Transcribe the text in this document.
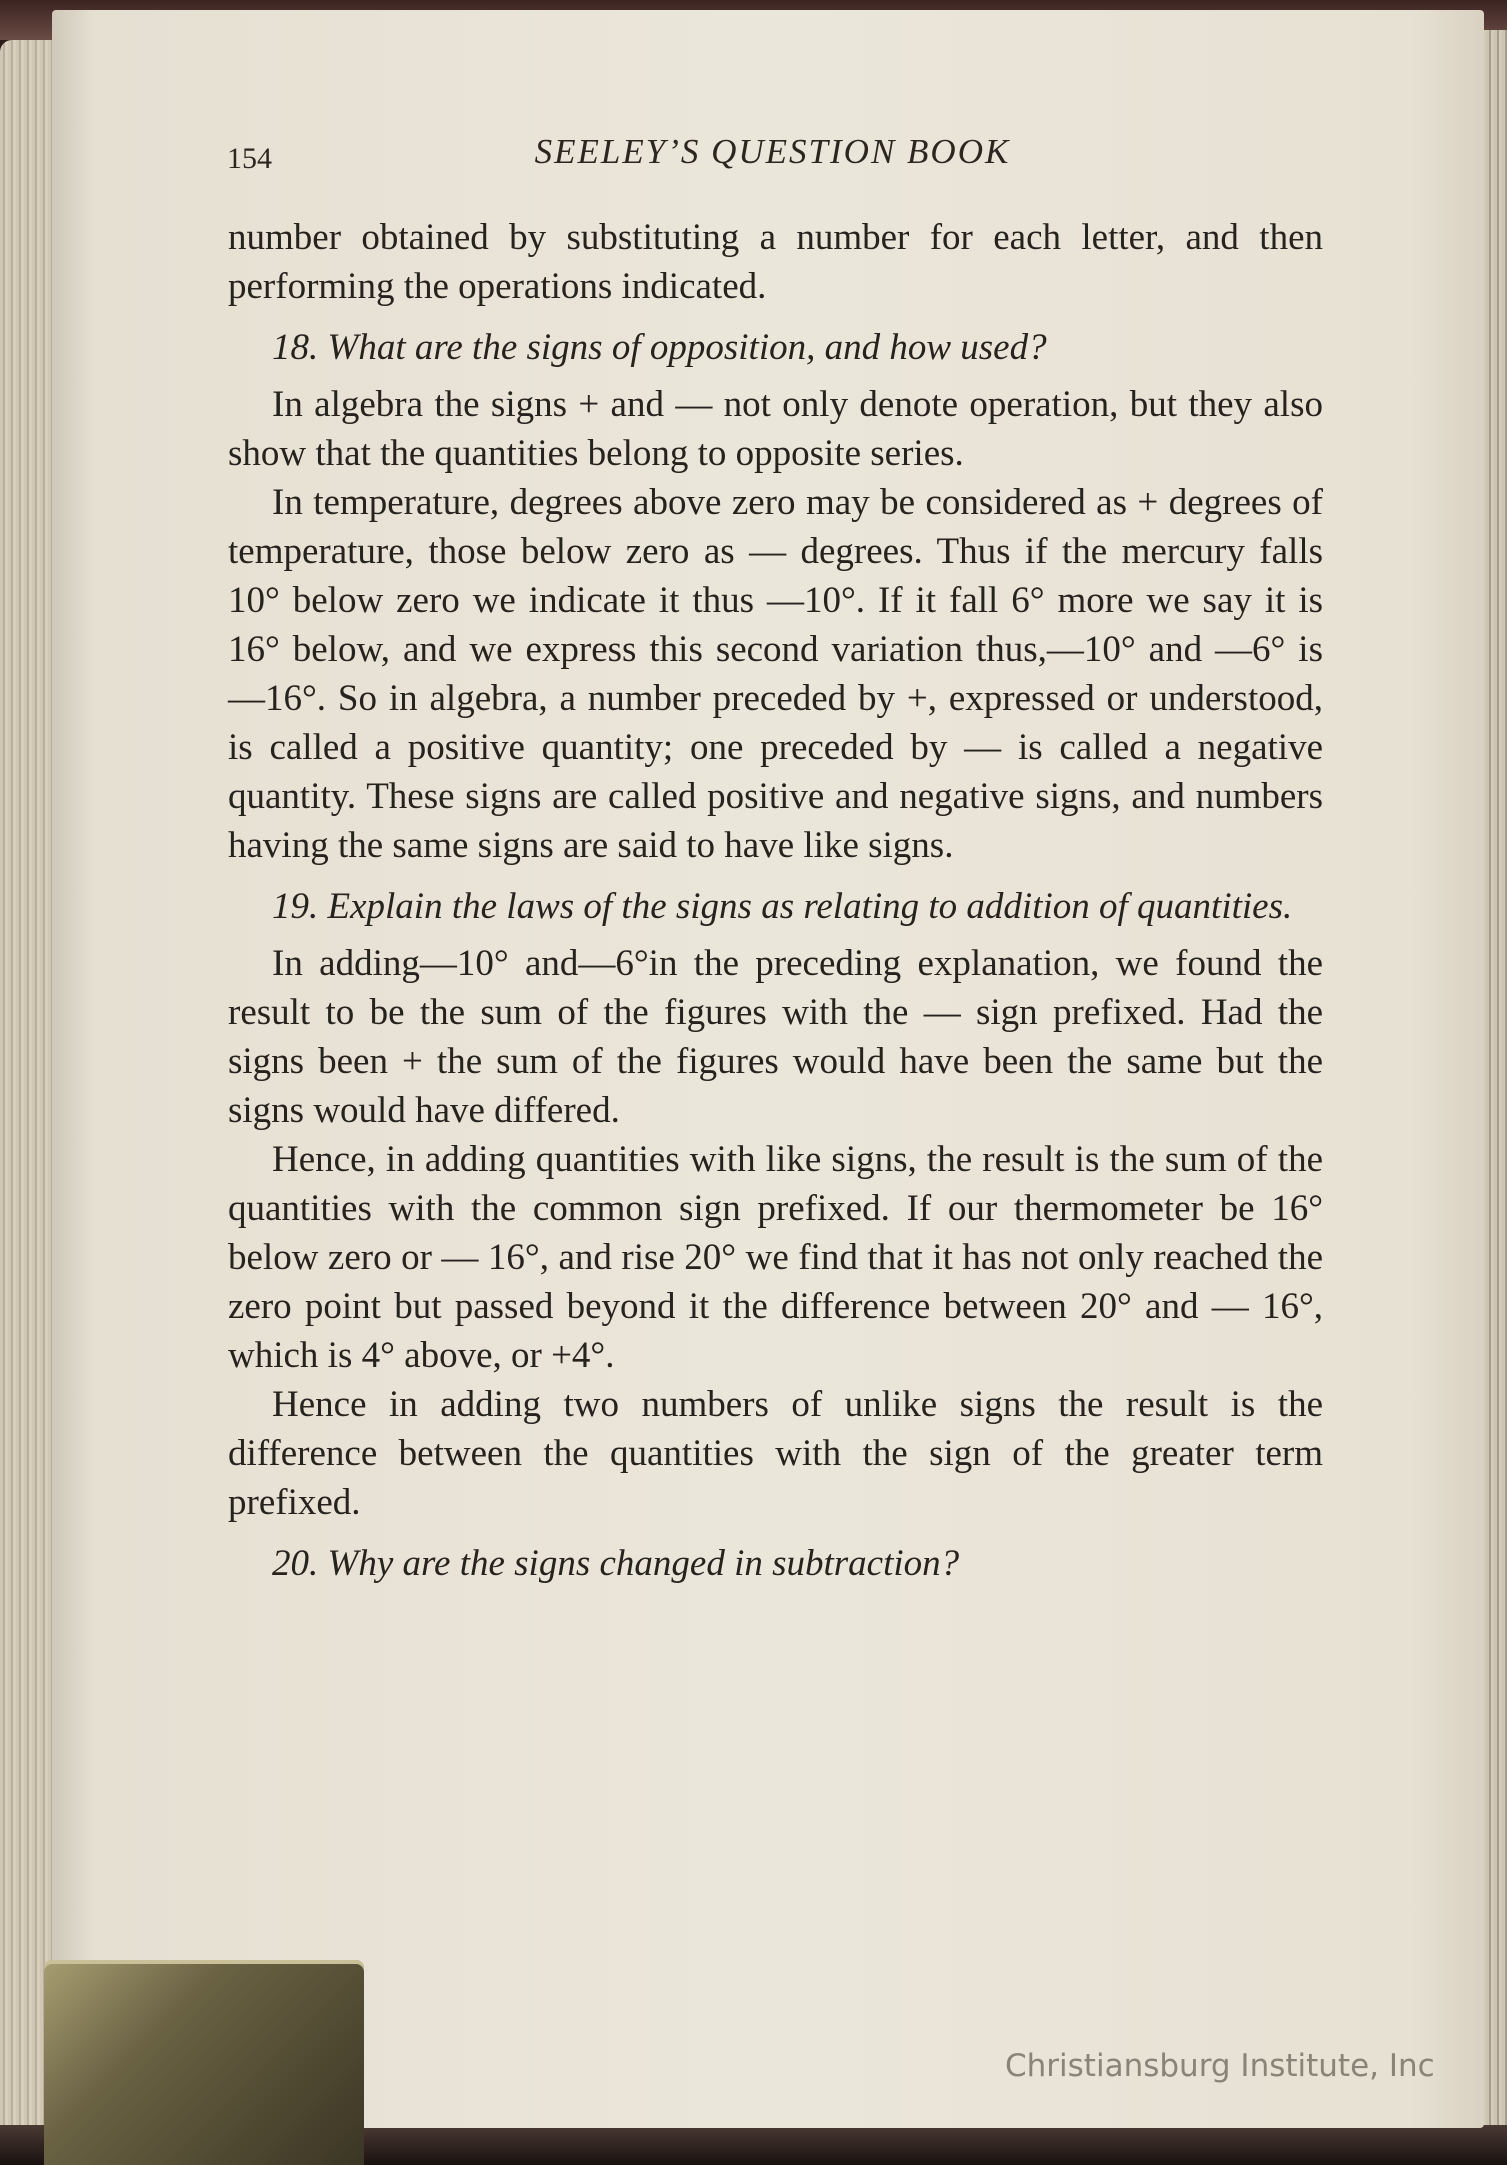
154	SEELEY’S QUESTION BOOK

number obtained by substituting a number for each letter, and then performing the operations indicated.

18. What are the signs of opposition, and how used?

In algebra the signs + and — not only denote operation, but they also show that the quantities belong to opposite series.

In temperature, degrees above zero may be considered as + degrees of temperature, those below zero as — degrees. Thus if the mercury falls 10° below zero we indicate it thus —10°. If it fall 6° more we say it is 16° below, and we express this second variation thus,—10° and —6° is —16°. So in algebra, a number preceded by +, expressed or understood, is called a positive quantity; one preceded by — is called a negative quantity. These signs are called positive and negative signs, and numbers having the same signs are said to have like signs.

19. Explain the laws of the signs as relating to addition of quantities.

In adding—10° and—6°in the preceding explanation, we found the result to be the sum of the figures with the — sign prefixed. Had the signs been + the sum of the figures would have been the same but the signs would have differed.

Hence, in adding quantities with like signs, the result is the sum of the quantities with the common sign prefixed. If our thermometer be 16° below zero or — 16°, and rise 20° we find that it has not only reached the zero point but passed beyond it the difference between 20° and — 16°, which is 4° above, or +4°.

Hence in adding two numbers of unlike signs the result is the difference between the quantities with the sign of the greater term prefixed.

20. Why are the signs changed in subtraction?

Christiansburg Institute, Inc
